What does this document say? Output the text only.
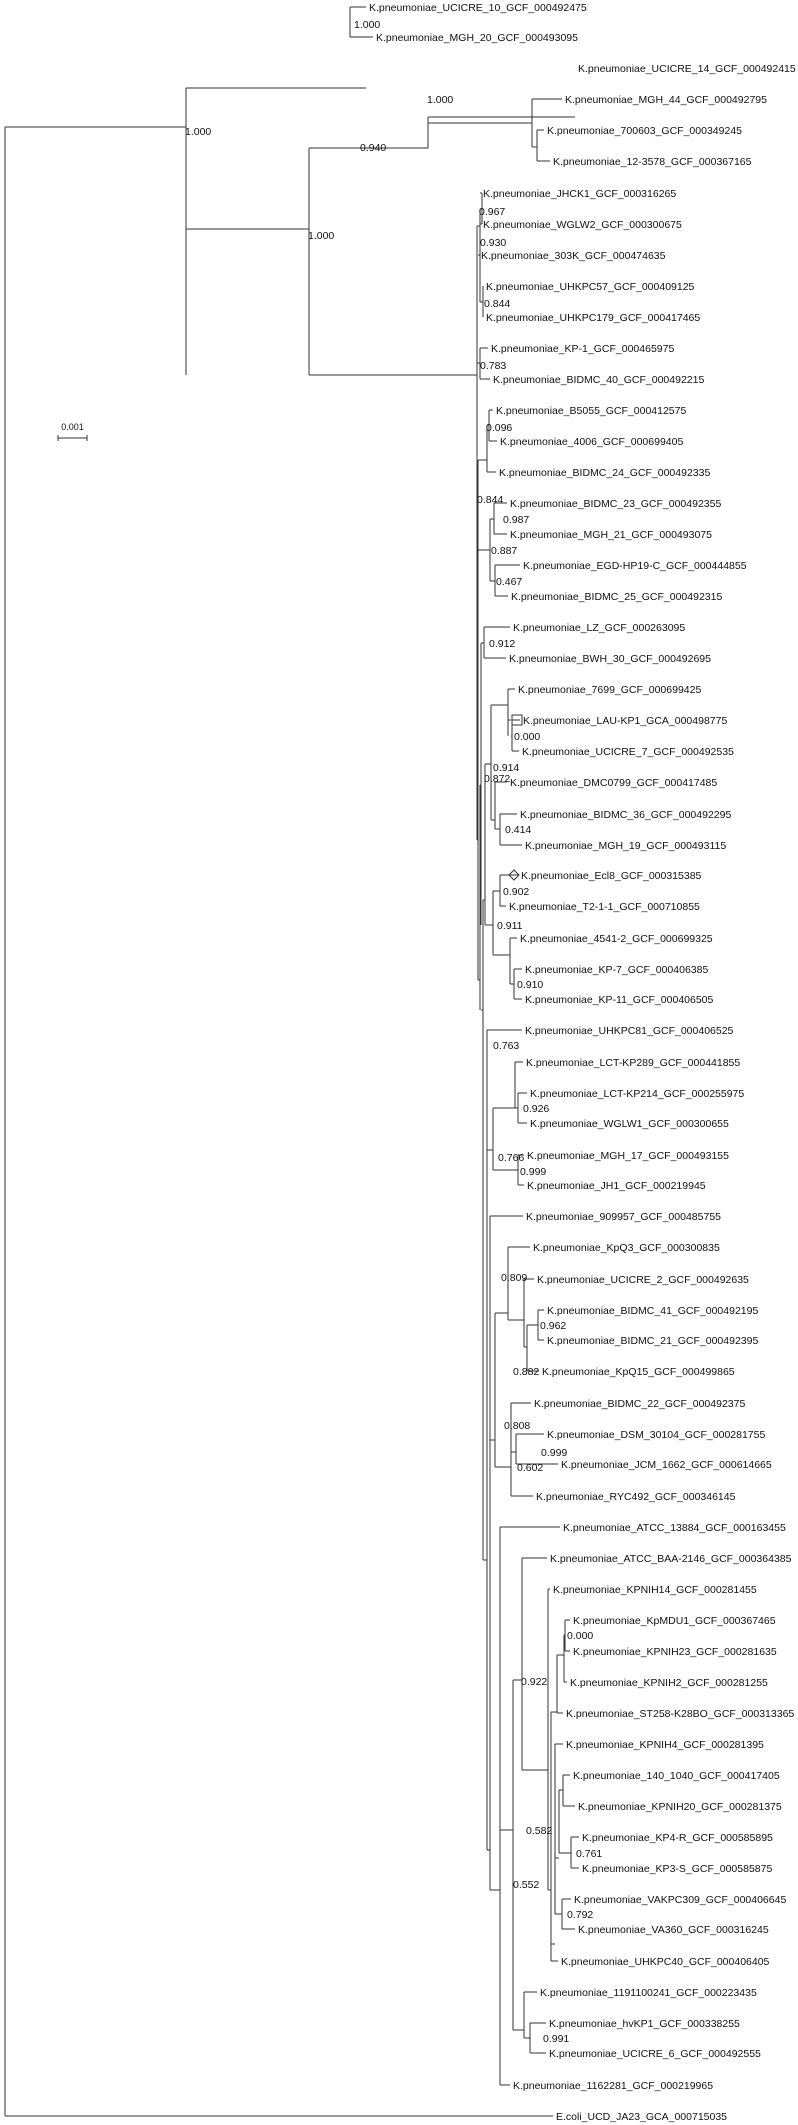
K.pneumoniae_UCICRE_10_GCF_000492475
K.pneumoniae_MGH_20_GCF_000493095
K.pneumoniae_UCICRE_14_GCF_000492415
K.pneumoniae_MGH_44_GCF_000492795
K.pneumoniae_700603_GCF_000349245
K.pneumoniae_12-3578_GCF_000367165
K.pneumoniae_JHCK1_GCF_000316265
K.pneumoniae_WGLW2_GCF_000300675
K.pneumoniae_303K_GCF_000474635
K.pneumoniae_UHKPC57_GCF_000409125
K.pneumoniae_UHKPC179_GCF_000417465
K.pneumoniae_KP-1_GCF_000465975
K.pneumoniae_BIDMC_40_GCF_000492215
K.pneumoniae_B5055_GCF_000412575
K.pneumoniae_4006_GCF_000699405
K.pneumoniae_BIDMC_24_GCF_000492335
K.pneumoniae_BIDMC_23_GCF_000492355
K.pneumoniae_MGH_21_GCF_000493075
K.pneumoniae_EGD-HP19-C_GCF_000444855
K.pneumoniae_BIDMC_25_GCF_000492315
K.pneumoniae_LZ_GCF_000263095
K.pneumoniae_BWH_30_GCF_000492695
K.pneumoniae_7699_GCF_000699425
K.pneumoniae_LAU-KP1_GCA_000498775
K.pneumoniae_UCICRE_7_GCF_000492535
K.pneumoniae_DMC0799_GCF_000417485
K.pneumoniae_BIDMC_36_GCF_000492295
K.pneumoniae_MGH_19_GCF_000493115
K.pneumoniae_Ecl8_GCF_000315385
K.pneumoniae_T2-1-1_GCF_000710855
K.pneumoniae_4541-2_GCF_000699325
K.pneumoniae_KP-7_GCF_000406385
K.pneumoniae_KP-11_GCF_000406505
K.pneumoniae_UHKPC81_GCF_000406525
K.pneumoniae_LCT-KP289_GCF_000441855
K.pneumoniae_LCT-KP214_GCF_000255975
K.pneumoniae_WGLW1_GCF_000300655
K.pneumoniae_MGH_17_GCF_000493155
K.pneumoniae_JH1_GCF_000219945
K.pneumoniae_909957_GCF_000485755
K.pneumoniae_KpQ3_GCF_000300835
K.pneumoniae_UCICRE_2_GCF_000492635
K.pneumoniae_BIDMC_41_GCF_000492195
K.pneumoniae_BIDMC_21_GCF_000492395
K.pneumoniae_KpQ15_GCF_000499865
K.pneumoniae_BIDMC_22_GCF_000492375
K.pneumoniae_DSM_30104_GCF_000281755
K.pneumoniae_JCM_1662_GCF_000614665
K.pneumoniae_RYC492_GCF_000346145
K.pneumoniae_ATCC_13884_GCF_000163455
K.pneumoniae_ATCC_BAA-2146_GCF_000364385
K.pneumoniae_KPNIH14_GCF_000281455
K.pneumoniae_KpMDU1_GCF_000367465
K.pneumoniae_KPNIH23_GCF_000281635
K.pneumoniae_KPNIH2_GCF_000281255
K.pneumoniae_ST258-K28BO_GCF_000313365
K.pneumoniae_KPNIH4_GCF_000281395
K.pneumoniae_140_1040_GCF_000417405
K.pneumoniae_KPNIH20_GCF_000281375
K.pneumoniae_KP4-R_GCF_000585895
K.pneumoniae_KP3-S_GCF_000585875
K.pneumoniae_VAKPC309_GCF_000406645
K.pneumoniae_VA360_GCF_000316245
K.pneumoniae_UHKPC40_GCF_000406405
K.pneumoniae_1191100241_GCF_000223435
K.pneumoniae_hvKP1_GCF_000338255
K.pneumoniae_UCICRE_6_GCF_000492555
K.pneumoniae_1162281_GCF_000219965
E.coli_UCD_JA23_GCA_000715035
1.000
1.000
1.000
0.940
1.000
0.967
0.930
0.844
0.783
0.096
0.844
0.987
0.887
0.467
0.912
0.000
0.914
0.872
0.414
0.902
0.911
0.910
0.763
0.926
0.766
0.999
0.809
0.962
0.882
0.808
0.999
0.602
0.000
0.922
0.582
0.761
0.552
0.792
0.991
0.001
